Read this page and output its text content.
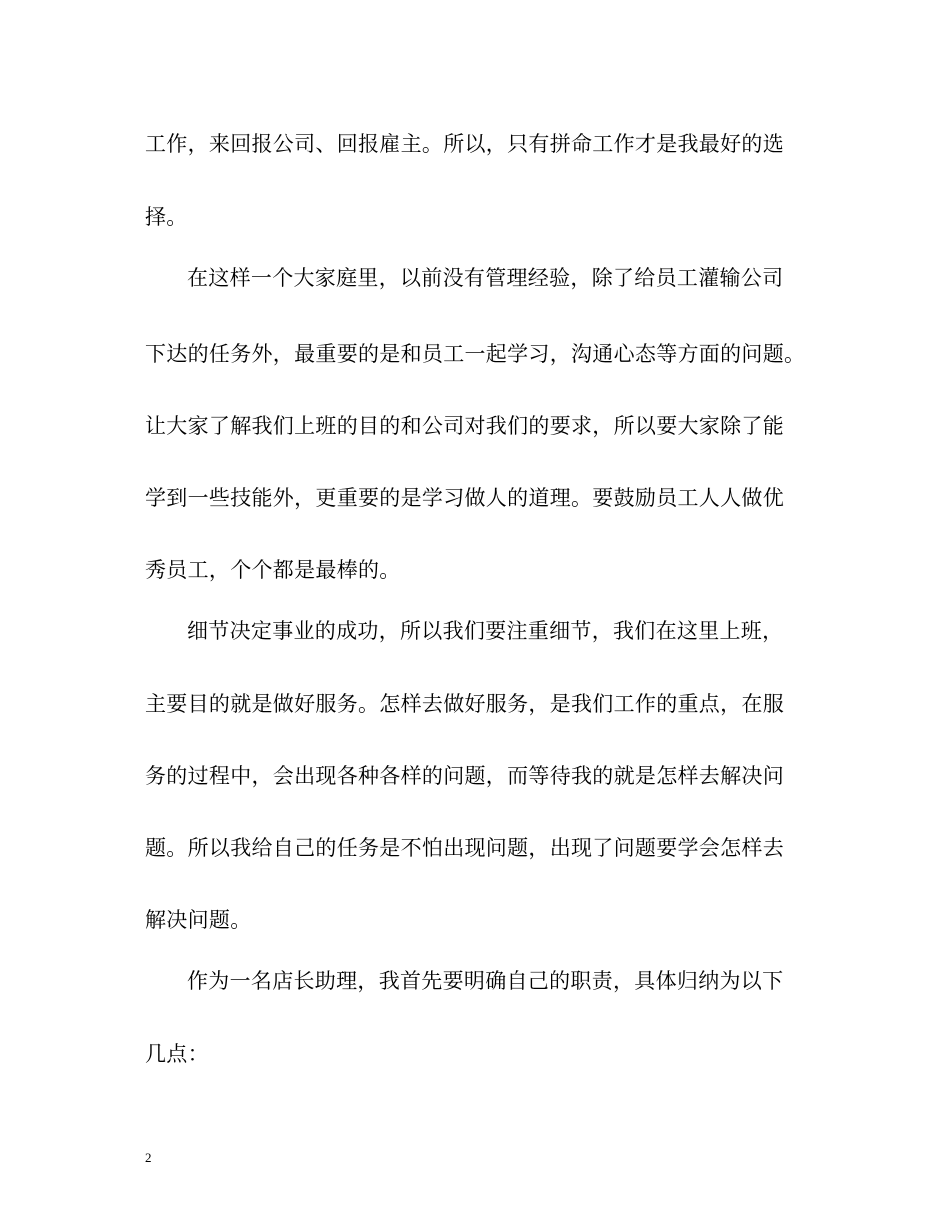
工作，来回报公司、回报雇主。所以，只有拼命工作才是我最好的选
择。
在这样一个大家庭里，以前没有管理经验，除了给员工灌输公司
下达的任务外，最重要的是和员工一起学习，沟通心态等方面的问题。
让大家了解我们上班的目的和公司对我们的要求，所以要大家除了能
学到一些技能外，更重要的是学习做人的道理。要鼓励员工人人做优
秀员工，个个都是最棒的。
细节决定事业的成功，所以我们要注重细节，我们在这里上班，
主要目的就是做好服务。怎样去做好服务，是我们工作的重点，在服
务的过程中，会出现各种各样的问题，而等待我的就是怎样去解决问
题。所以我给自己的任务是不怕出现问题，出现了问题要学会怎样去
解决问题。
作为一名店长助理，我首先要明确自己的职责，具体归纳为以下
几点：
2
